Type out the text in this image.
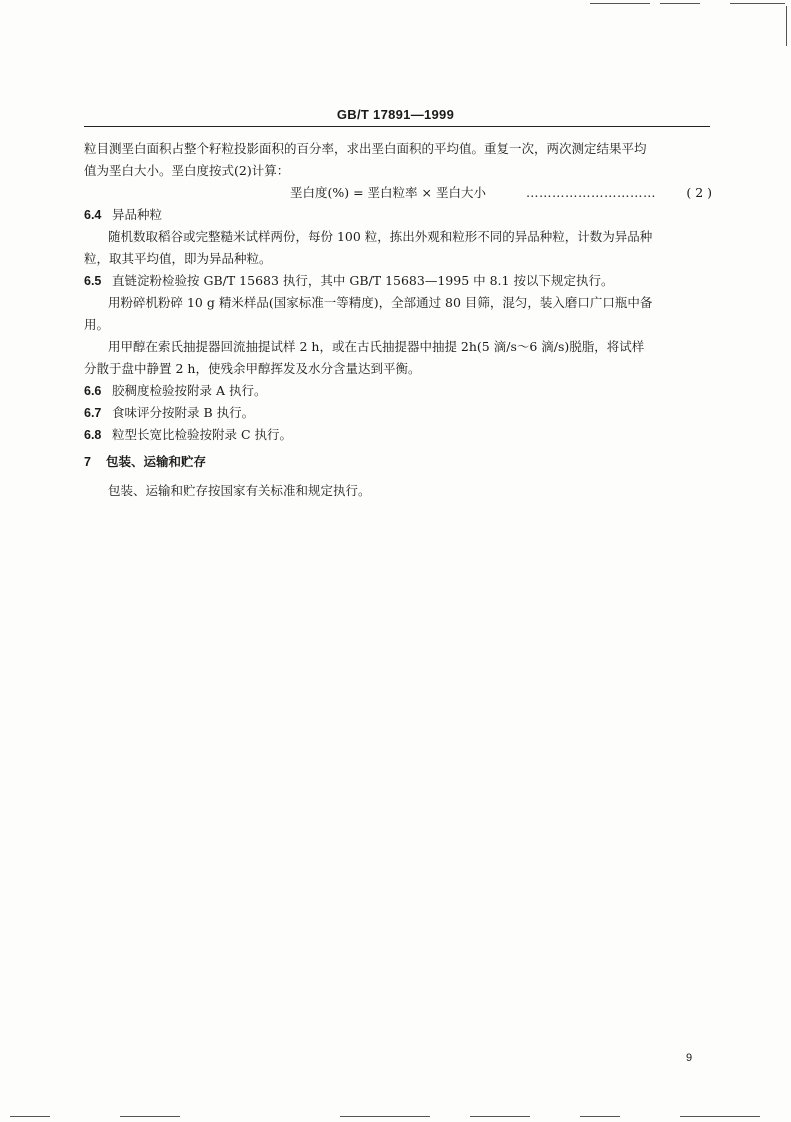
GB/T 17891—1999
粒目测垩白面积占整个籽粒投影面积的百分率，求出垩白面积的平均值。重复一次，两次测定结果平均
值为垩白大小。垩白度按式(2)计算：
垩白度(%) = 垩白粒率 × 垩白大小	………………………… ( 2 )
6.4 异品种粒
随机数取稻谷或完整糙米试样两份，每份 100 粒，拣出外观和粒形不同的异品种粒，计数为异品种
粒，取其平均值，即为异品种粒。
6.5 直链淀粉检验按 GB/T 15683 执行，其中 GB/T 15683—1995 中 8.1 按以下规定执行。
用粉碎机粉碎 10 g 精米样品(国家标准一等精度)，全部通过 80 目筛，混匀，装入磨口广口瓶中备
用。
用甲醇在索氏抽提器回流抽提试样 2 h，或在古氏抽提器中抽提 2h(5 滴/s～6 滴/s)脱脂，将试样
分散于盘中静置 2 h，使残余甲醇挥发及水分含量达到平衡。
6.6 胶稠度检验按附录 A 执行。
6.7 食味评分按附录 B 执行。
6.8 粒型长宽比检验按附录 C 执行。
7 包装、运输和贮存
包装、运输和贮存按国家有关标准和规定执行。
9
